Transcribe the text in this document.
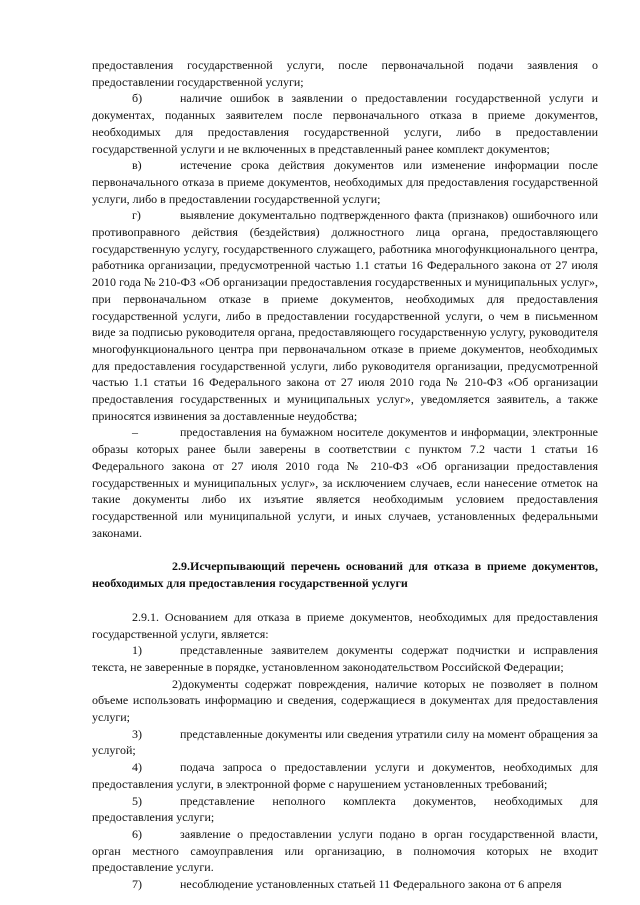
предоставления государственной услуги, после первоначальной подачи заявления о предоставлении государственной услуги;

б)	наличие ошибок в заявлении о предоставлении государственной услуги и документах, поданных заявителем после первоначального отказа в приеме документов, необходимых для предоставления государственной услуги, либо в предоставлении государственной услуги и не включенных в представленный ранее комплект документов;

в)	истечение срока действия документов или изменение информации после первоначального отказа в приеме документов, необходимых для предоставления государственной услуги, либо в предоставлении государственной услуги;

г)	выявление документально подтвержденного факта (признаков) ошибочного или противоправного действия (бездействия) должностного лица органа, предоставляющего государственную услугу, государственного служащего, работника многофункционального центра, работника организации, предусмотренной частью 1.1 статьи 16 Федерального закона от 27 июля 2010 года № 210-ФЗ «Об организации предоставления государственных и муниципальных услуг», при первоначальном отказе в приеме документов, необходимых для предоставления государственной услуги, либо в предоставлении государственной услуги, о чем в письменном виде за подписью руководителя органа, предоставляющего государственную услугу, руководителя многофункционального центра при первоначальном отказе в приеме документов, необходимых для предоставления государственной услуги, либо руководителя организации, предусмотренной частью 1.1 статьи 16 Федерального закона от 27 июля 2010 года № 210-ФЗ «Об организации предоставления государственных и муниципальных услуг», уведомляется заявитель, а также приносятся извинения за доставленные неудобства;

–	предоставления на бумажном носителе документов и информации, электронные образы которых ранее были заверены в соответствии с пунктом 7.2 части 1 статьи 16 Федерального закона от 27 июля 2010 года № 210-ФЗ «Об организации предоставления государственных и муниципальных услуг», за исключением случаев, если нанесение отметок на такие документы либо их изъятие является необходимым условием предоставления государственной или муниципальной услуги, и иных случаев, установленных федеральными законами.

2.9.Исчерпывающий перечень оснований для отказа в приеме документов, необходимых для предоставления государственной услуги

2.9.1. Основанием для отказа в приеме документов, необходимых для предоставления государственной услуги, является:

1)	представленные заявителем документы содержат подчистки и исправления текста, не заверенные в порядке, установленном законодательством Российской Федерации;

2)документы содержат повреждения, наличие которых не позволяет в полном объеме использовать информацию и сведения, содержащиеся в документах для предоставления услуги;

3)	представленные документы или сведения утратили силу на момент обращения за услугой;

4)	подача запроса о предоставлении услуги и документов, необходимых для предоставления услуги, в электронной форме с нарушением установленных требований;

5)	представление неполного комплекта документов, необходимых для предоставления услуги;

6)	заявление о предоставлении услуги подано в орган государственной власти, орган местного самоуправления или организацию, в полномочия которых не входит предоставление услуги.

7)	несоблюдение установленных статьей 11 Федерального закона от 6 апреля
